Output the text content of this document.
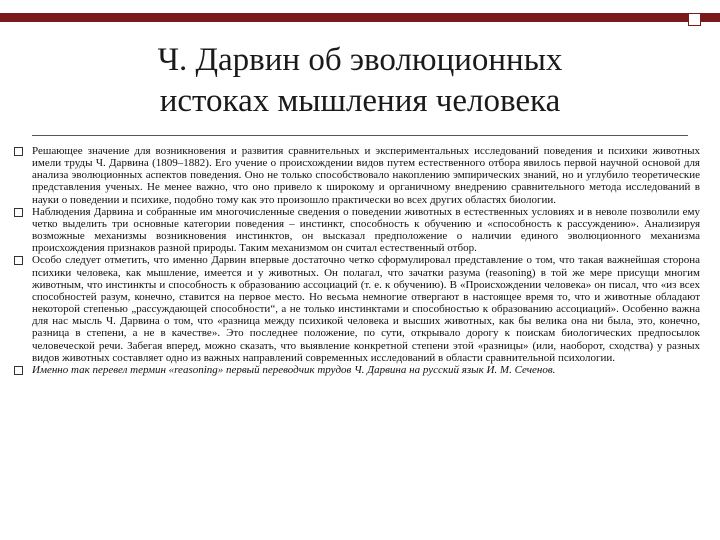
Ч. Дарвин об эволюционных
истоках мышления человека
Решающее значение для возникновения и развития сравнительных и экспериментальных исследований поведения и психики животных имели труды Ч. Дарвина (1809–1882). Его учение о происхождении видов путем естественного отбора явилось первой научной основой для анализа эволюционных аспектов поведения. Оно не только способствовало накоплению эмпирических знаний, но и углубило теоретические представления ученых. Не менее важно, что оно привело к широкому и органичному внедрению сравнительного метода исследований в науки о поведении и психике, подобно тому как это произошло практически во всех других областях биологии.
Наблюдения Дарвина и собранные им многочисленные сведения о поведении животных в естественных условиях и в неволе позволили ему четко выделить три основные категории поведения – инстинкт, способность к обучению и «способность к рассуждению». Анализируя возможные механизмы возникновения инстинктов, он высказал предположение о наличии единого эволюционного механизма происхождения признаков разной природы. Таким механизмом он считал естественный отбор.
Особо следует отметить, что именно Дарвин впервые достаточно четко сформулировал представление о том, что такая важнейшая сторона психики человека, как мышление, имеется и у животных. Он полагал, что зачатки разума (reasoning) в той же мере присущи многим животным, что инстинкты и способность к образованию ассоциаций (т. е. к обучению). В «Происхождении человека» он писал, что «из всех способностей разум, конечно, ставится на первое место. Но весьма немногие отвергают в настоящее время то, что и животные обладают некоторой степенью „рассуждающей способности“, а не только инстинктами и способностью к образованию ассоциаций». Особенно важна для нас мысль Ч. Дарвина о том, что «разница между психикой человека и высших животных, как бы велика она ни была, это, конечно, разница в степени, а не в качестве». Это последнее положение, по сути, открывало дорогу к поискам биологических предпосылок человеческой речи. Забегая вперед, можно сказать, что выявление конкретной степени этой «разницы» (или, наоборот, сходства) у разных видов животных составляет одно из важных направлений современных исследований в области сравнительной психологии.
Именно так перевел термин «reasoning» первый переводчик трудов Ч. Дарвина на русский язык И. М. Сеченов.
